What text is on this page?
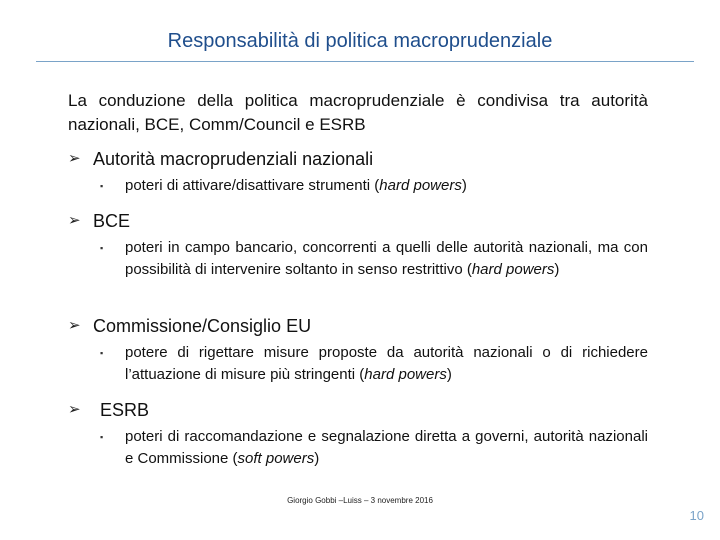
Responsabilità di politica macroprudenziale
La conduzione della politica macroprudenziale è condivisa tra autorità nazionali, BCE, Comm/Council e ESRB
➢ Autorità macroprudenziali nazionali
▪ poteri di attivare/disattivare strumenti (hard powers)
➢ BCE
▪ poteri in campo bancario, concorrenti a quelli delle autorità nazionali, ma con possibilità di intervenire soltanto in senso restrittivo (hard powers)
➢ Commissione/Consiglio EU
▪ potere di rigettare misure proposte da autorità nazionali o di richiedere l’attuazione di misure più stringenti (hard powers)
➢ ESRB
▪ poteri di raccomandazione e segnalazione diretta a governi, autorità nazionali e Commissione (soft powers)
Giorgio Gobbi –Luiss – 3 novembre 2016
10
